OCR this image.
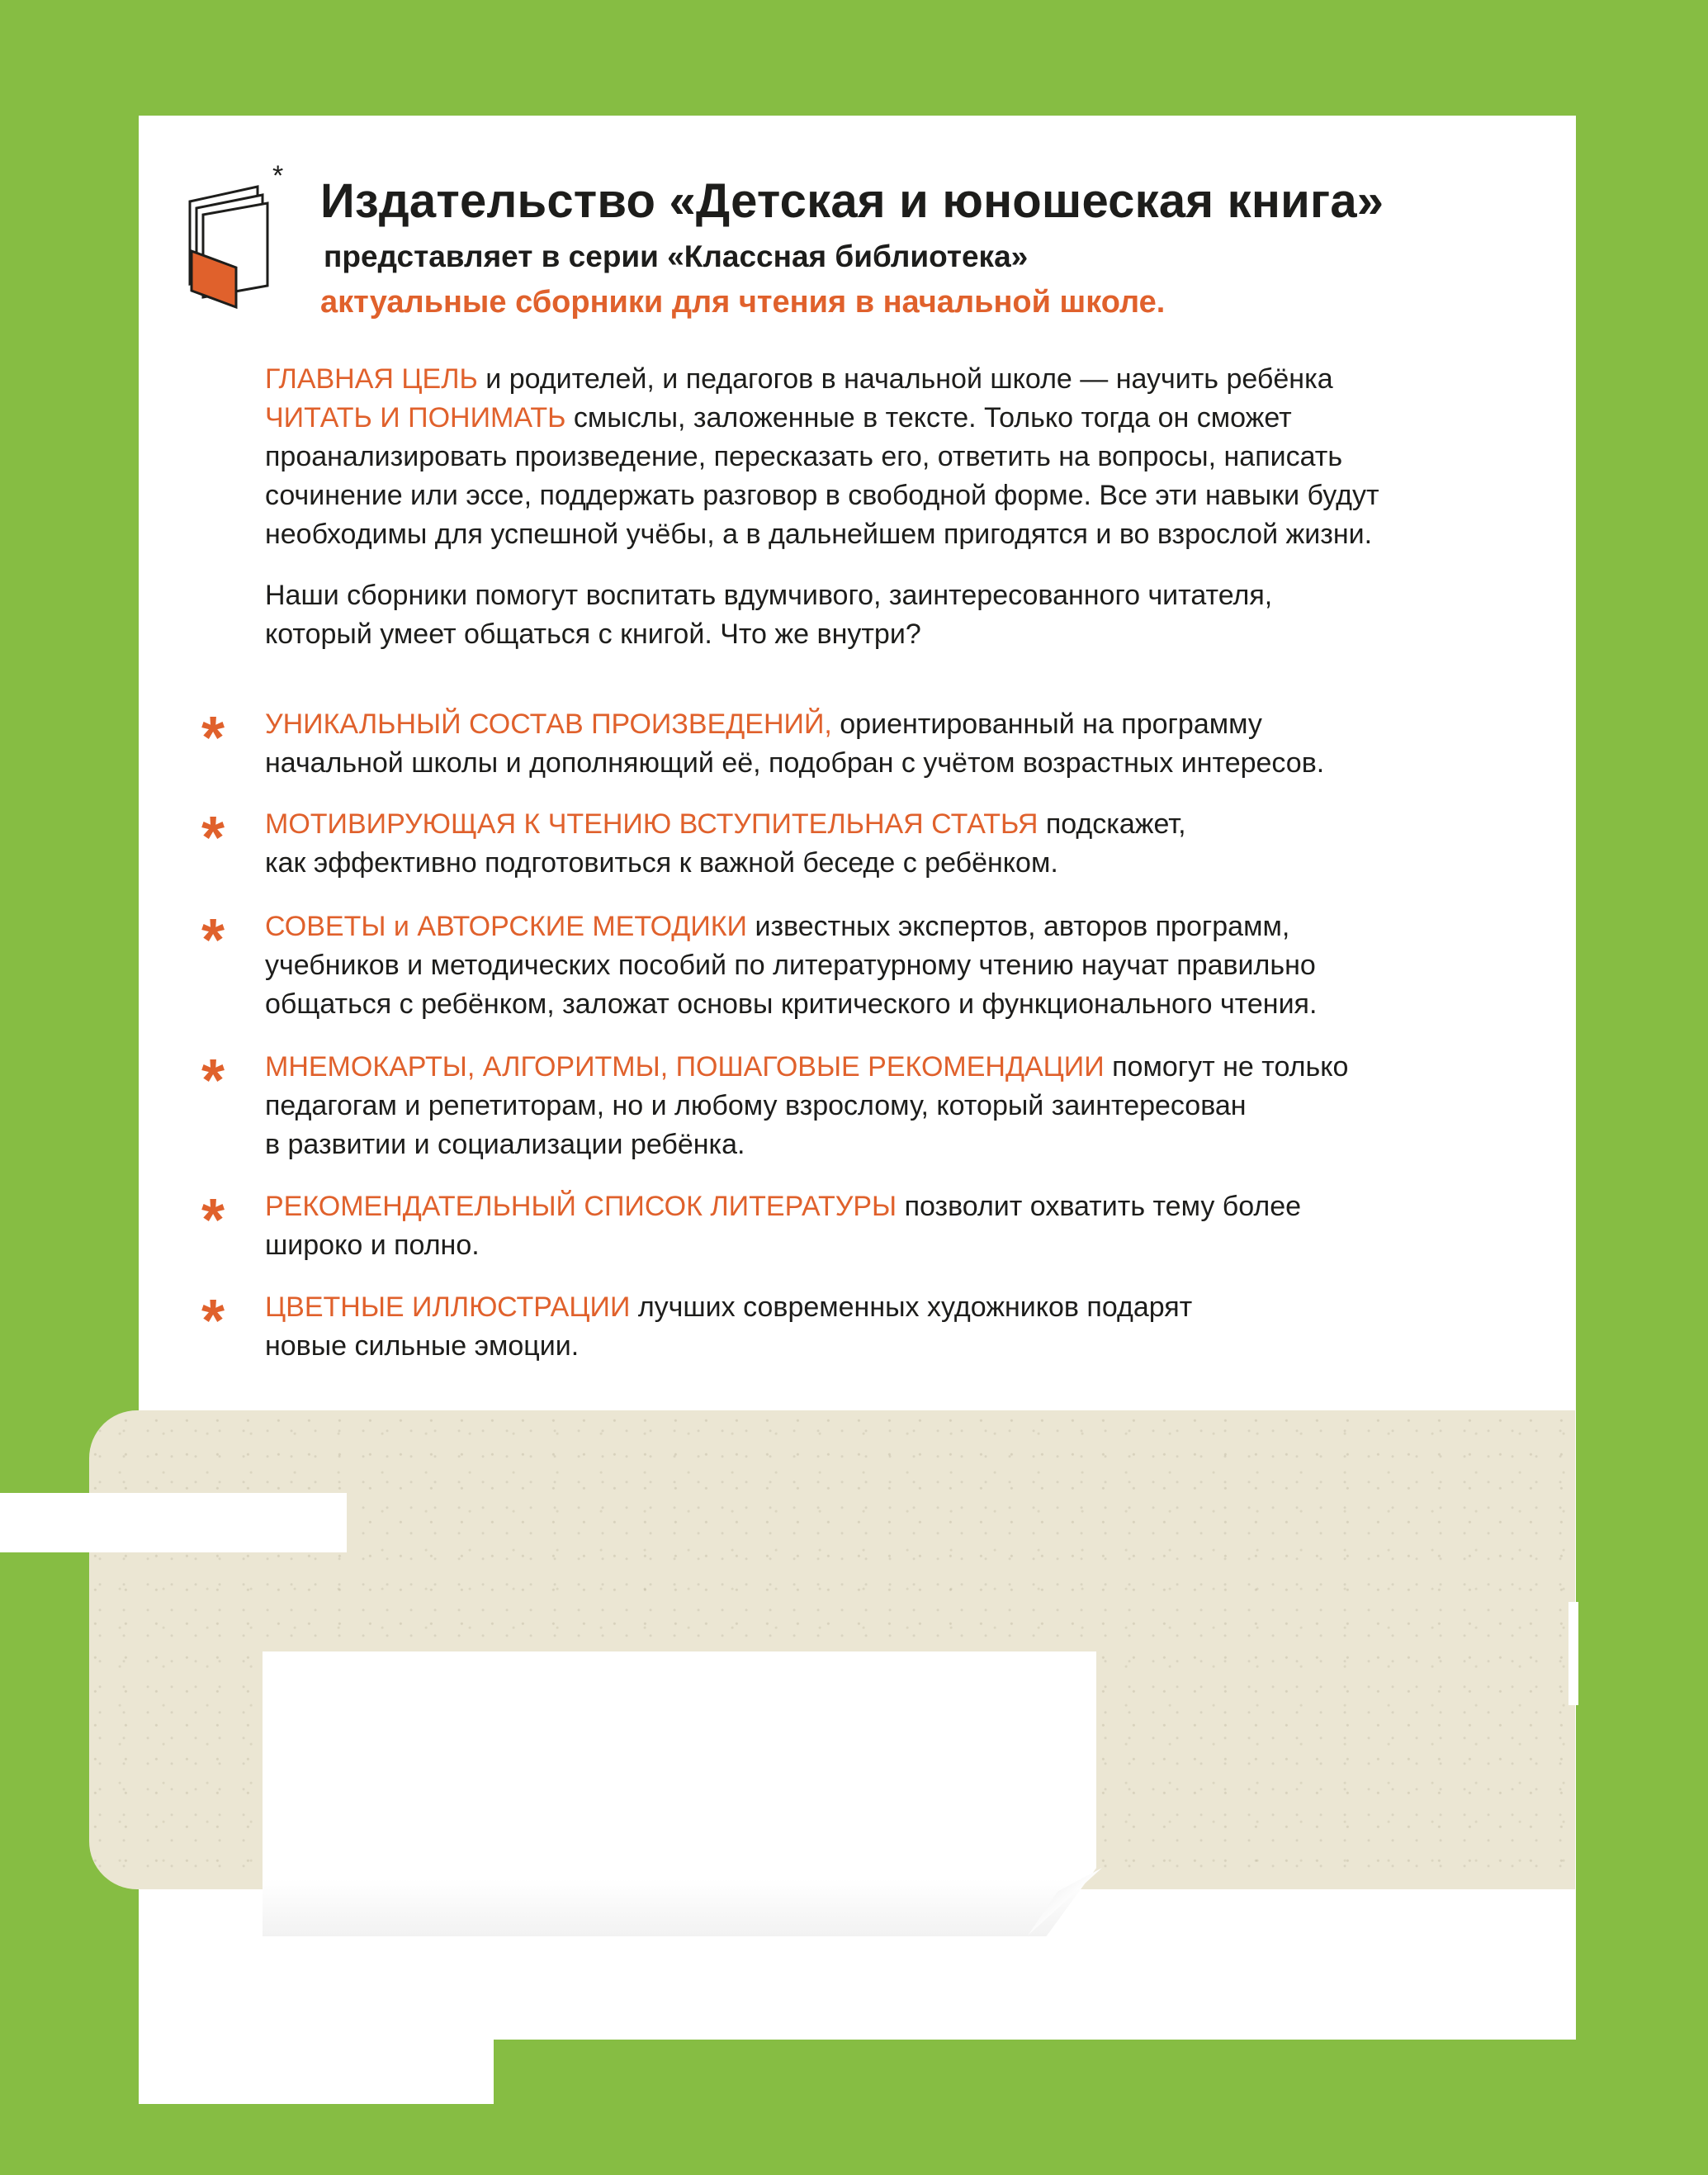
* Издательство «Детская и юношеская книга»
представляет в серии «Классная библиотека»
актуальные сборники для чтения в начальной школе.

ГЛАВНАЯ ЦЕЛЬ и родителей, и педагогов в начальной школе — научить ребёнка
ЧИТАТЬ И ПОНИМАТЬ смыслы, заложенные в тексте. Только тогда он сможет
проанализировать произведение, пересказать его, ответить на вопросы, написать
сочинение или эссе, поддержать разговор в свободной форме. Все эти навыки будут
необходимы для успешной учёбы, а в дальнейшем пригодятся и во взрослой жизни.

Наши сборники помогут воспитать вдумчивого, заинтересованного читателя,
который умеет общаться с книгой. Что же внутри?

* УНИКАЛЬНЫЙ СОСТАВ ПРОИЗВЕДЕНИЙ, ориентированный на программу
начальной школы и дополняющий её, подобран с учётом возрастных интересов.

* МОТИВИРУЮЩАЯ К ЧТЕНИЮ ВСТУПИТЕЛЬНАЯ СТАТЬЯ подскажет,
как эффективно подготовиться к важной беседе с ребёнком.

* СОВЕТЫ и АВТОРСКИЕ МЕТОДИКИ известных экспертов, авторов программ,
учебников и методических пособий по литературному чтению научат правильно
общаться с ребёнком, заложат основы критического и функционального чтения.

* МНЕМОКАРТЫ, АЛГОРИТМЫ, ПОШАГОВЫЕ РЕКОМЕНДАЦИИ помогут не только
педагогам и репетиторам, но и любому взрослому, который заинтересован
в развитии и социализации ребёнка.

* РЕКОМЕНДАТЕЛЬНЫЙ СПИСОК ЛИТЕРАТУРЫ позволит охватить тему более
широко и полно.

* ЦВЕТНЫЕ ИЛЛЮСТРАЦИИ лучших современных художников подарят
новые сильные эмоции.
